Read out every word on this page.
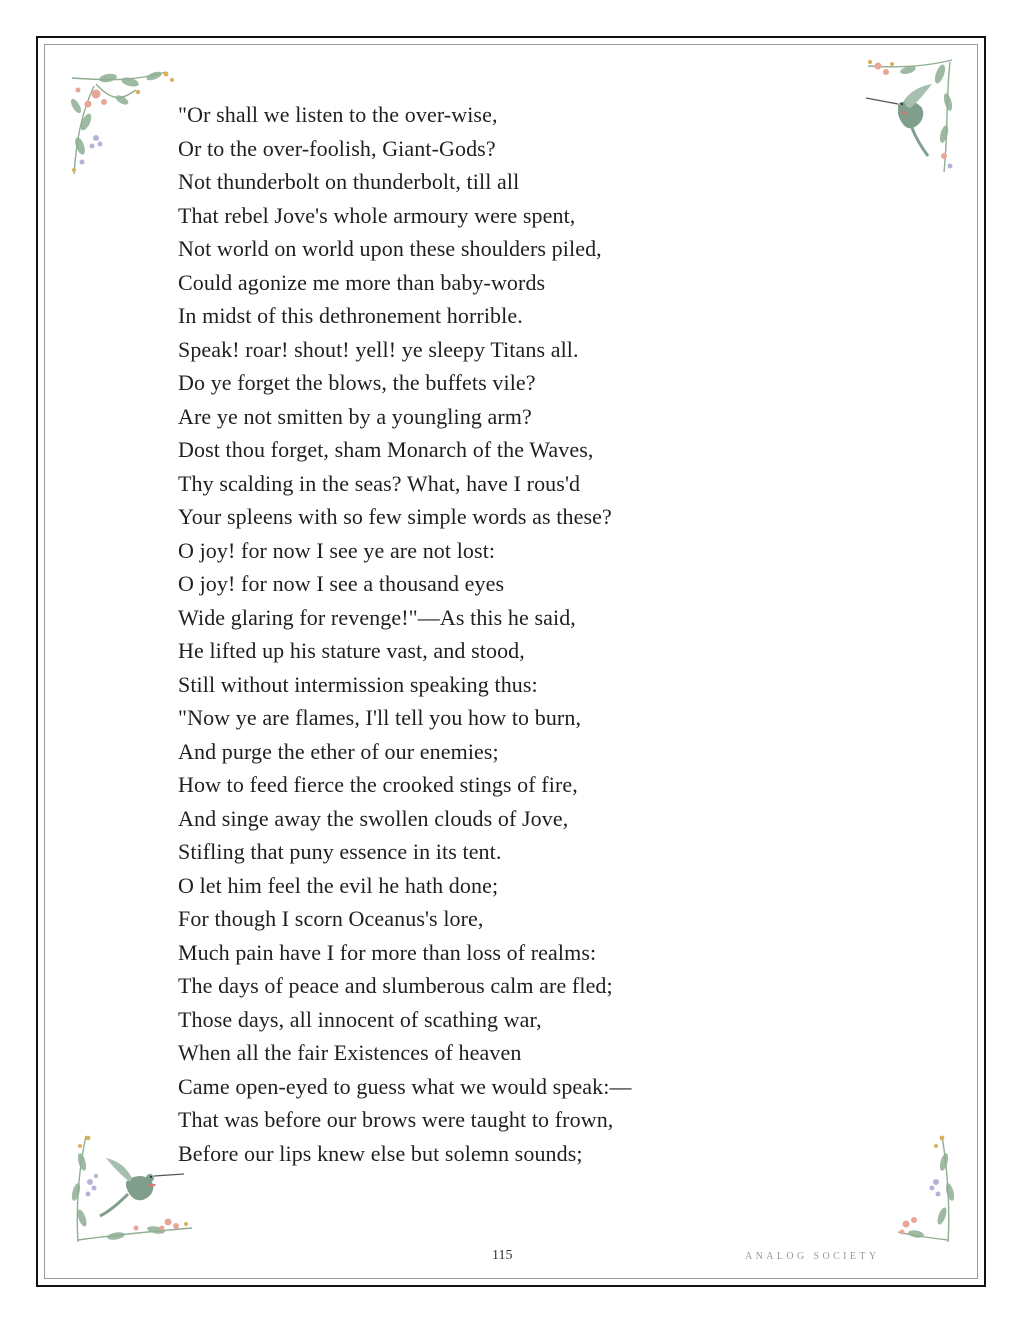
"Or shall we listen to the over-wise,
Or to the over-foolish, Giant-Gods?
Not thunderbolt on thunderbolt, till all
That rebel Jove's whole armoury were spent,
Not world on world upon these shoulders piled,
Could agonize me more than baby-words
In midst of this dethronement horrible.
Speak! roar! shout! yell! ye sleepy Titans all.
Do ye forget the blows, the buffets vile?
Are ye not smitten by a youngling arm?
Dost thou forget, sham Monarch of the Waves,
Thy scalding in the seas? What, have I rous'd
Your spleens with so few simple words as these?
O joy! for now I see ye are not lost:
O joy! for now I see a thousand eyes
Wide glaring for revenge!"—As this he said,
He lifted up his stature vast, and stood,
Still without intermission speaking thus:
"Now ye are flames, I'll tell you how to burn,
And purge the ether of our enemies;
How to feed fierce the crooked stings of fire,
And singe away the swollen clouds of Jove,
Stifling that puny essence in its tent.
O let him feel the evil he hath done;
For though I scorn Oceanus's lore,
Much pain have I for more than loss of realms:
The days of peace and slumberous calm are fled;
Those days, all innocent of scathing war,
When all the fair Existences of heaven
Came open-eyed to guess what we would speak:—
That was before our brows were taught to frown,
Before our lips knew else but solemn sounds;
115	ANALOG SOCIETY
